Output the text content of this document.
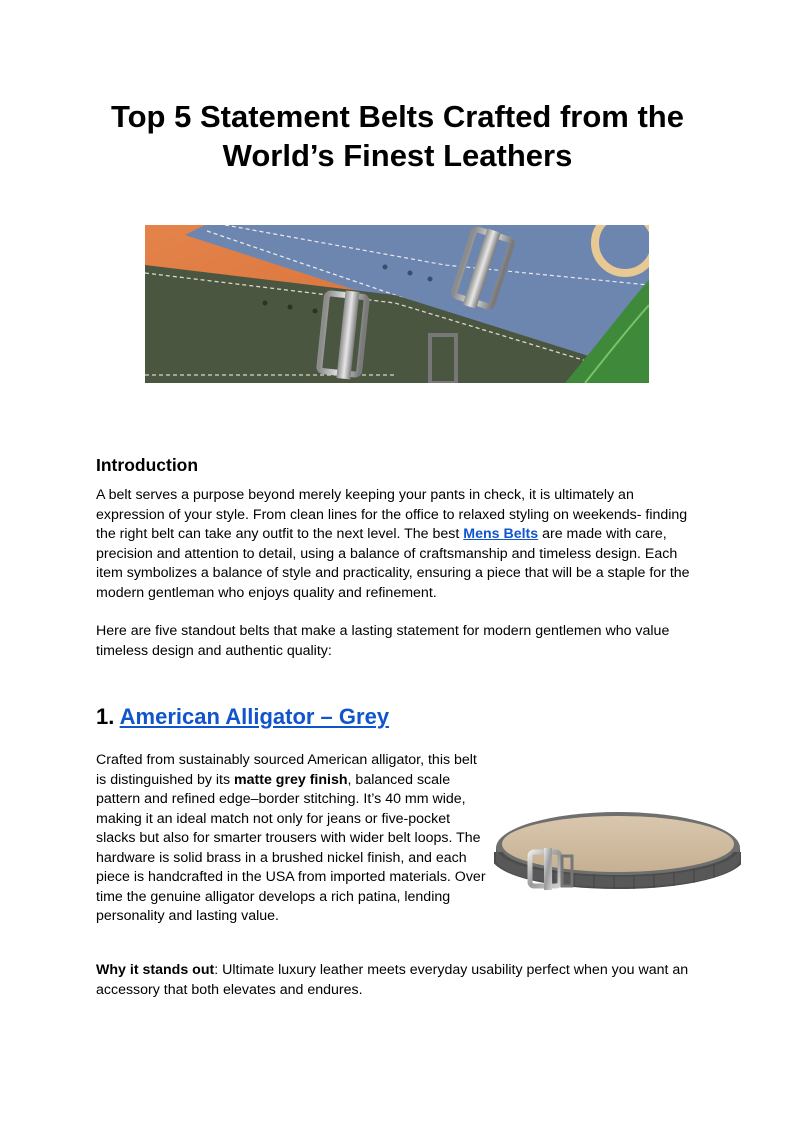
Top 5 Statement Belts Crafted from the
World’s Finest Leathers
Introduction

A belt serves a purpose beyond merely keeping your pants in check, it is ultimately an expression of your style. From clean lines for the office to relaxed styling on weekends- finding the right belt can take any outfit to the next level. The best Mens Belts are made with care, precision and attention to detail, using a balance of craftsmanship and timeless design. Each item symbolizes a balance of style and practicality, ensuring a piece that will be a staple for the modern gentleman who enjoys quality and refinement.

Here are five standout belts that make a lasting statement for modern gentlemen who value timeless design and authentic quality:

1. American Alligator – Grey

Crafted from sustainably sourced American alligator, this belt is distinguished by its matte grey finish, balanced scale pattern and refined edge–border stitching. It’s 40 mm wide, making it an ideal match not only for jeans or five-pocket slacks but also for smarter trousers with wider belt loops. The hardware is solid brass in a brushed nickel finish, and each piece is handcrafted in the USA from imported materials. Over time the genuine alligator develops a rich patina, lending personality and lasting value.

Why it stands out: Ultimate luxury leather meets everyday usability perfect when you want an accessory that both elevates and endures.
